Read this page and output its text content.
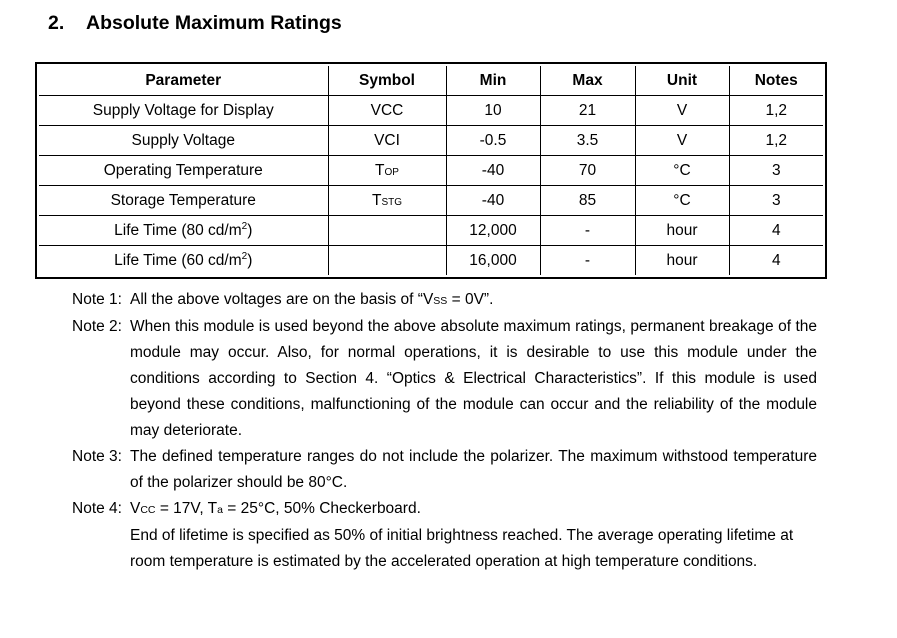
2. Absolute Maximum Ratings
Parameter	Symbol	Min	Max	Unit	Notes
Supply Voltage for Display	VCC	10	21	V	1,2
Supply Voltage	VCI	-0.5	3.5	V	1,2
Operating Temperature	TOP	-40	70	°C	3
Storage Temperature	TSTG	-40	85	°C	3
Life Time (80 $cd/m^2$)		12,000	-	hour	4
Life Time (60 $cd/m^2$)		16,000	-	hour	4
Note 1: All the above voltages are on the basis of “VSS = 0V”.
Note 2: When this module is used beyond the above absolute maximum ratings, permanent breakage of the module may occur. Also, for normal operations, it is desirable to use this module under the conditions according to Section 4. “Optics & Electrical Characteristics”. If this module is used beyond these conditions, malfunctioning of the module can occur and the reliability of the module may deteriorate.
Note 3: The defined temperature ranges do not include the polarizer. The maximum withstood temperature of the polarizer should be 80°C.
Note 4: VCC = 17V, Ta = 25°C, 50% Checkerboard.

End of lifetime is specified as 50% of initial brightness reached. The average operating lifetime at room temperature is estimated by the accelerated operation at high temperature conditions.
